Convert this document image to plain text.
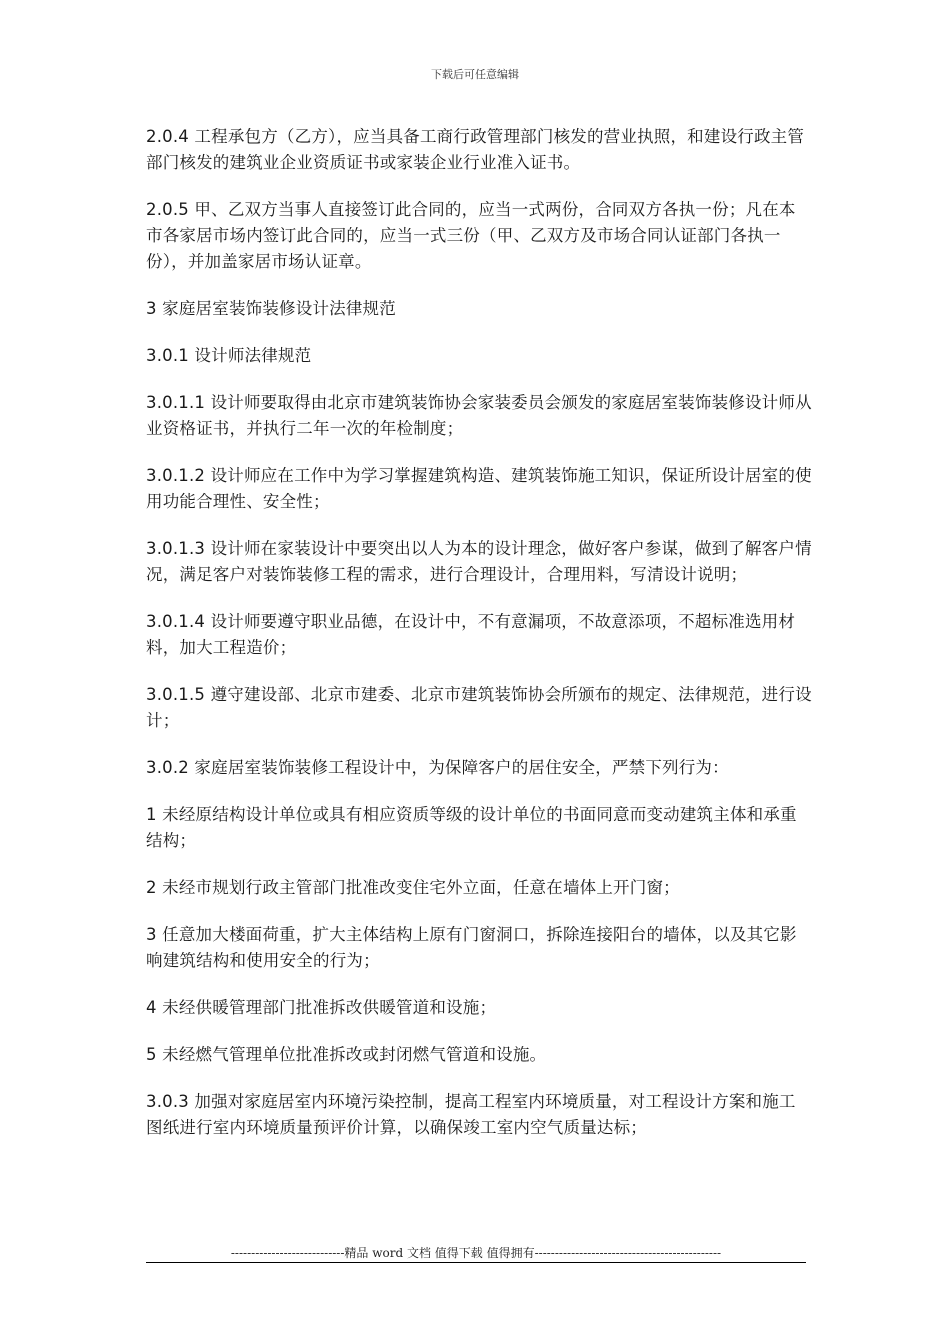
下载后可任意编辑

2.0.4 工程承包方（乙方），应当具备工商行政管理部门核发的营业执照，和建设行政主管部门核发的建筑业企业资质证书或家装企业行业准入证书。

2.0.5 甲、乙双方当事人直接签订此合同的，应当一式两份，合同双方各执一份；凡在本市各家居市场内签订此合同的，应当一式三份（甲、乙双方及市场合同认证部门各执一份），并加盖家居市场认证章。

3 家庭居室装饰装修设计法律规范

3.0.1 设计师法律规范

3.0.1.1 设计师要取得由北京市建筑装饰协会家装委员会颁发的家庭居室装饰装修设计师从业资格证书，并执行二年一次的年检制度；

3.0.1.2 设计师应在工作中为学习掌握建筑构造、建筑装饰施工知识，保证所设计居室的使用功能合理性、安全性；

3.0.1.3 设计师在家装设计中要突出以人为本的设计理念，做好客户参谋，做到了解客户情况，满足客户对装饰装修工程的需求，进行合理设计，合理用料，写清设计说明；

3.0.1.4 设计师要遵守职业品德，在设计中，不有意漏项，不故意添项，不超标准选用材料，加大工程造价；

3.0.1.5 遵守建设部、北京市建委、北京市建筑装饰协会所颁布的规定、法律规范，进行设计；

3.0.2 家庭居室装饰装修工程设计中，为保障客户的居住安全，严禁下列行为：

1 未经原结构设计单位或具有相应资质等级的设计单位的书面同意而变动建筑主体和承重结构；

2 未经市规划行政主管部门批准改变住宅外立面，任意在墙体上开门窗；

3 任意加大楼面荷重，扩大主体结构上原有门窗洞口，拆除连接阳台的墙体，以及其它影响建筑结构和使用安全的行为；

4 未经供暖管理部门批准拆改供暖管道和设施；

5 未经燃气管理单位批准拆改或封闭燃气管道和设施。

3.0.3 加强对家庭居室内环境污染控制，提高工程室内环境质量，对工程设计方案和施工图纸进行室内环境质量预评价计算，以确保竣工室内空气质量达标；

----------------------------精品 word 文档 值得下载 值得拥有----------------------------------------------
